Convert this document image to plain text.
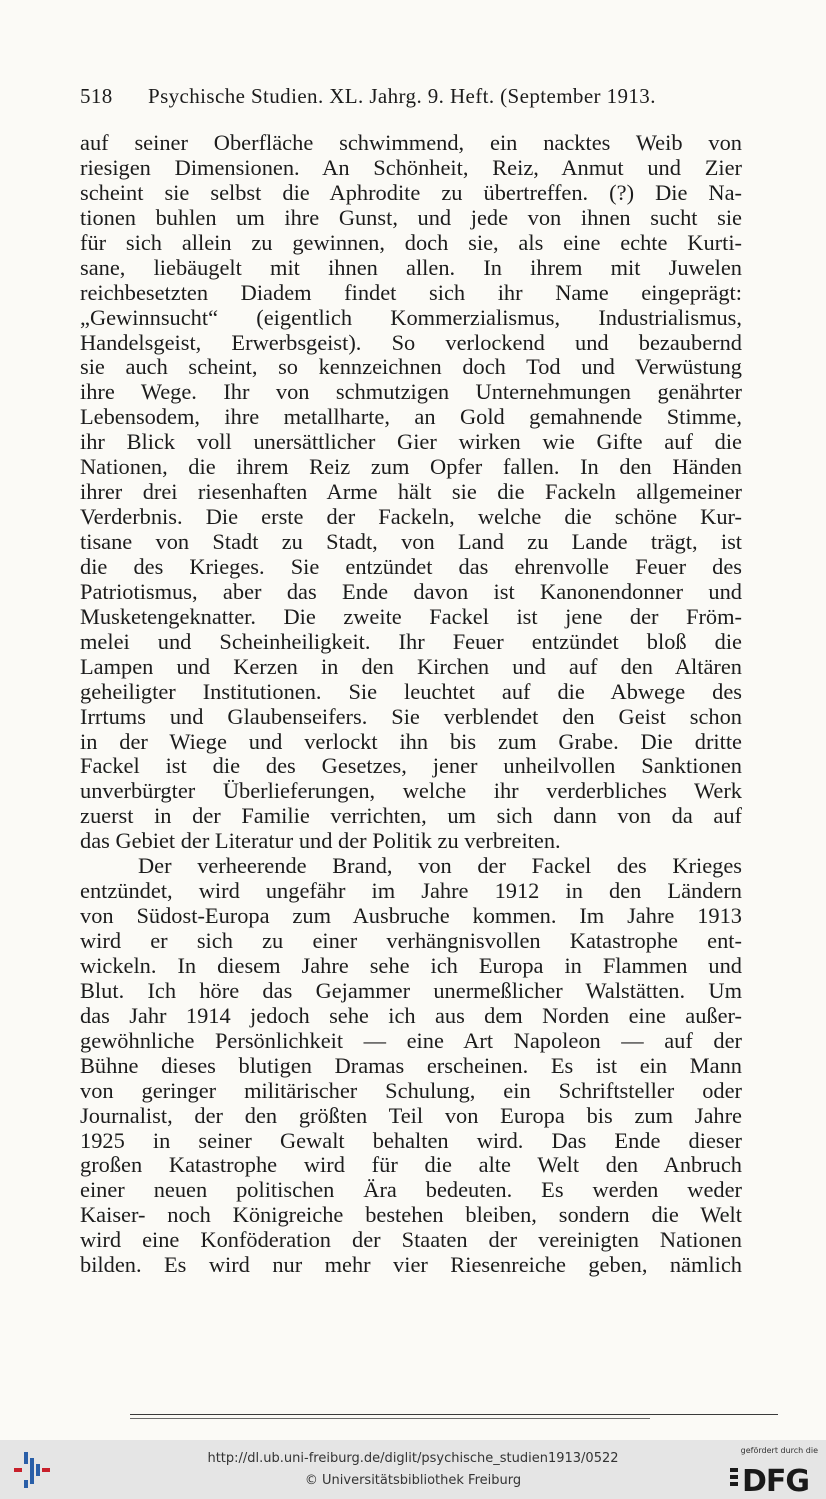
518 Psychische Studien. XL. Jahrg. 9. Heft. (September 1913.
auf seiner Oberfläche schwimmend, ein nacktes Weib von
riesigen Dimensionen. An Schönheit, Reiz, Anmut und Zier
scheint sie selbst die Aphrodite zu übertreffen. (?) Die Na-
tionen buhlen um ihre Gunst, und jede von ihnen sucht sie
für sich allein zu gewinnen, doch sie, als eine echte Kurti-
sane, liebäugelt mit ihnen allen. In ihrem mit Juwelen
reichbesetzten Diadem findet sich ihr Name eingeprägt:
„Gewinnsucht“ (eigentlich Kommerzialismus, Industrialismus,
Handelsgeist, Erwerbsgeist). So verlockend und bezaubernd
sie auch scheint, so kennzeichnen doch Tod und Verwüstung
ihre Wege. Ihr von schmutzigen Unternehmungen genährter
Lebensodem, ihre metallharte, an Gold gemahnende Stimme,
ihr Blick voll unersättlicher Gier wirken wie Gifte auf die
Nationen, die ihrem Reiz zum Opfer fallen. In den Händen
ihrer drei riesenhaften Arme hält sie die Fackeln allgemeiner
Verderbnis. Die erste der Fackeln, welche die schöne Kur-
tisane von Stadt zu Stadt, von Land zu Lande trägt, ist
die des Krieges. Sie entzündet das ehrenvolle Feuer des
Patriotismus, aber das Ende davon ist Kanonendonner und
Musketengeknatter. Die zweite Fackel ist jene der Fröm-
melei und Scheinheiligkeit. Ihr Feuer entzündet bloß die
Lampen und Kerzen in den Kirchen und auf den Altären
geheiligter Institutionen. Sie leuchtet auf die Abwege des
Irrtums und Glaubenseifers. Sie verblendet den Geist schon
in der Wiege und verlockt ihn bis zum Grabe. Die dritte
Fackel ist die des Gesetzes, jener unheilvollen Sanktionen
unverbürgter Überlieferungen, welche ihr verderbliches Werk
zuerst in der Familie verrichten, um sich dann von da auf
das Gebiet der Literatur und der Politik zu verbreiten.
Der verheerende Brand, von der Fackel des Krieges
entzündet, wird ungefähr im Jahre 1912 in den Ländern
von Südost-Europa zum Ausbruche kommen. Im Jahre 1913
wird er sich zu einer verhängnisvollen Katastrophe ent-
wickeln. In diesem Jahre sehe ich Europa in Flammen und
Blut. Ich höre das Gejammer unermeßlicher Walstätten. Um
das Jahr 1914 jedoch sehe ich aus dem Norden eine außer-
gewöhnliche Persönlichkeit — eine Art Napoleon — auf der
Bühne dieses blutigen Dramas erscheinen. Es ist ein Mann
von geringer militärischer Schulung, ein Schriftsteller oder
Journalist, der den größten Teil von Europa bis zum Jahre
1925 in seiner Gewalt behalten wird. Das Ende dieser
großen Katastrophe wird für die alte Welt den Anbruch
einer neuen politischen Ära bedeuten. Es werden weder
Kaiser- noch Königreiche bestehen bleiben, sondern die Welt
wird eine Konföderation der Staaten der vereinigten Nationen
bilden. Es wird nur mehr vier Riesenreiche geben, nämlich
http://dl.ub.uni-freiburg.de/diglit/psychische_studien1913/0522
© Universitätsbibliothek Freiburg
gefördert durch die
DFG
